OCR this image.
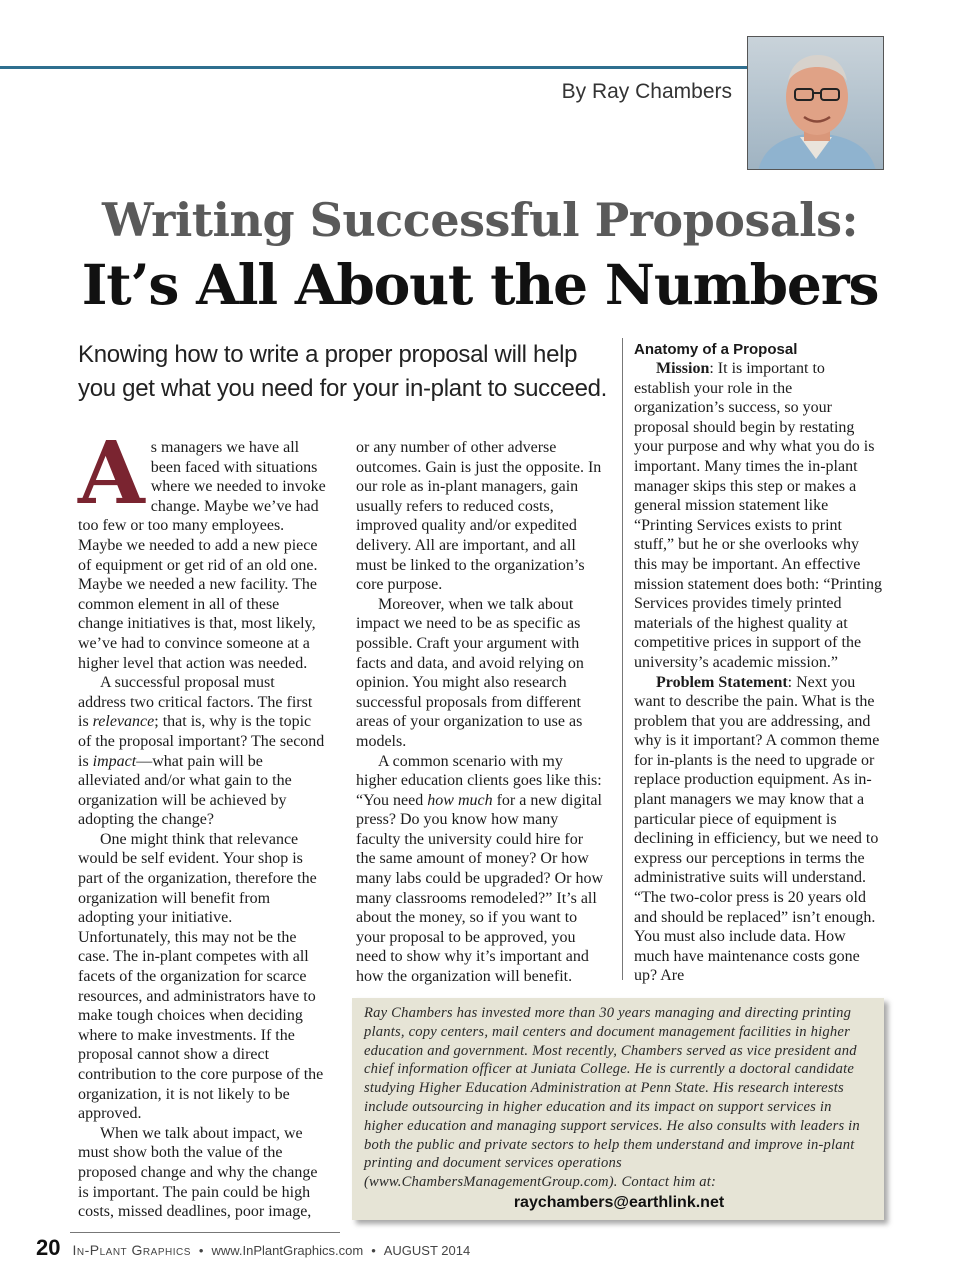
By Ray Chambers
Writing Successful Proposals:
It’s All About the Numbers
Knowing how to write a proper proposal will help you get what you need for your in-plant to succeed.

As managers we have all been faced with situations where we needed to invoke change. Maybe we’ve had too few or too many employees. Maybe we needed to add a new piece of equipment or get rid of an old one. Maybe we needed a new facility. The common element in all of these change initiatives is that, most likely, we’ve had to convince someone at a higher level that action was needed.

A successful proposal must address two critical factors. The first is relevance; that is, why is the topic of the proposal important? The second is impact—what pain will be alleviated and/or what gain to the organization will be achieved by adopting the change?

One might think that relevance would be self evident. Your shop is part of the organization, therefore the organization will benefit from adopting your initiative. Unfortunately, this may not be the case. The in-plant competes with all facets of the organization for scarce resources, and administrators have to make tough choices when deciding where to make investments. If the proposal cannot show a direct contribution to the core purpose of the organization, it is not likely to be approved.

When we talk about impact, we must show both the value of the proposed change and why the change is important. The pain could be high costs, missed deadlines, poor image,

or any number of other adverse outcomes. Gain is just the opposite. In our role as in-plant managers, gain usually refers to reduced costs, improved quality and/or expedited delivery. All are important, and all must be linked to the organization’s core purpose.

Moreover, when we talk about impact we need to be as specific as possible. Craft your argument with facts and data, and avoid relying on opinion. You might also research successful proposals from different areas of your organization to use as models.

A common scenario with my higher education clients goes like this: “You need how much for a new digital press? Do you know how many faculty the university could hire for the same amount of money? Or how many labs could be upgraded? Or how many classrooms remodeled?” It’s all about the money, so if you want to your proposal to be approved, you need to show why it’s important and how the organization will benefit.

Anatomy of a Proposal

Mission: It is important to establish your role in the organization’s success, so your proposal should begin by restating your purpose and why what you do is important. Many times the in-plant manager skips this step or makes a general mission statement like “Printing Services exists to print stuff,” but he or she overlooks why this may be important. An effective mission statement does both: “Printing Services provides timely printed materials of the highest quality at competitive prices in support of the university’s academic mission.”

Problem Statement: Next you want to describe the pain. What is the problem that you are addressing, and why is it important? A common theme for in-plants is the need to upgrade or replace production equipment. As in-plant managers we may know that a particular piece of equipment is declining in efficiency, but we need to express our perceptions in terms the administrative suits will understand. “The two-color press is 20 years old and should be replaced” isn’t enough. You must also include data. How much have maintenance costs gone up? Are

Ray Chambers has invested more than 30 years managing and directing printing plants, copy centers, mail centers and document management facilities in higher education and government. Most recently, Chambers served as vice president and chief information officer at Juniata College. He is currently a doctoral candidate studying Higher Education Administration at Penn State. His research interests include outsourcing in higher education and its impact on support services in higher education and managing support services. He also consults with leaders in both the public and private sectors to help them understand and improve in-plant printing and document services operations (www.ChambersManagementGroup.com). Contact him at:

raychambers@earthlink.net
20 In-Plant Graphics • www.InPlantGraphics.com • AUGUST 2014
